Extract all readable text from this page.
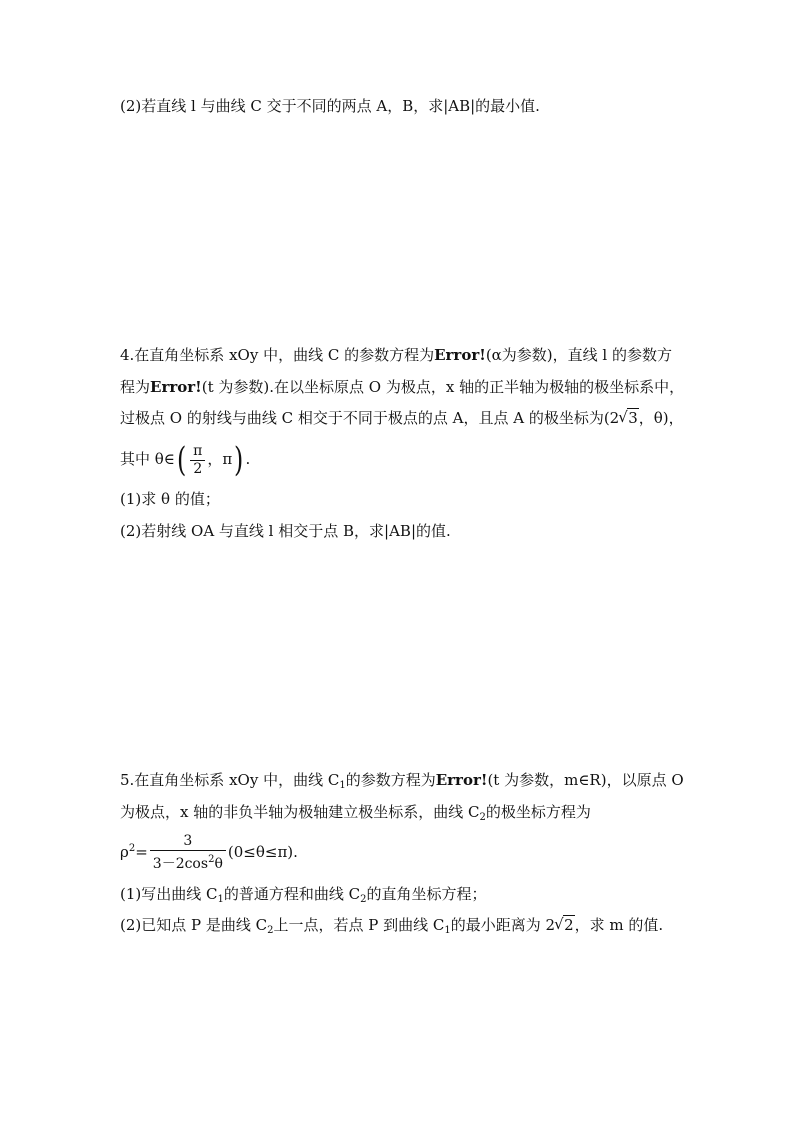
(2)若直线 l 与曲线 C 交于不同的两点 A，B，求|AB|的最小值.
4.在直角坐标系 xOy 中，曲线 C 的参数方程为Error!(α为参数)，直线 l 的参数方
程为Error!(t 为参数).在以坐标原点 O 为极点，x 轴的正半轴为极轴的极坐标系中，
过极点 O 的射线与曲线 C 相交于不同于极点的点 A，且点 A 的极坐标为(2 √ 3，θ)，
其中 θ∈( $\frac{\pi}{2}$ ，π) .
(1)求 θ 的值；
(2)若射线 OA 与直线 l 相交于点 B，求|AB|的值.
5.在直角坐标系 xOy 中，曲线 $C_1$的参数方程为Error!(t 为参数，m∈R)，以原点 O
为极点，x 轴的非负半轴为极轴建立极坐标系，曲线 $C_2$的极坐标方程为
$\rho^2= \frac{3}{3-2\cos^2\theta} (0\le\theta\le\pi)$.
(1)写出曲线 $C_1$的普通方程和曲线 $C_2$的直角坐标方程；
(2)已知点 P 是曲线 $C_2$上一点，若点 P 到曲线 $C_1$的最小距离为 2 √ 2，求 m 的值.
